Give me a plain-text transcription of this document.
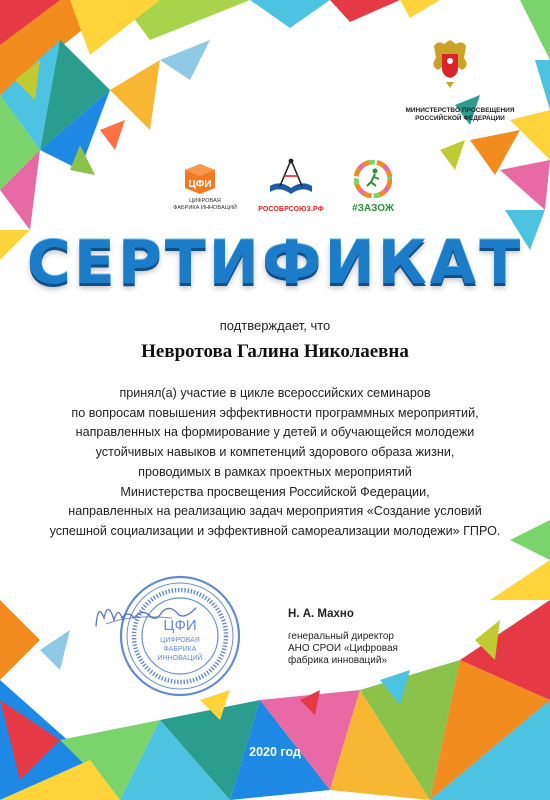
МИНИСТЕРСТВО ПРОСВЕЩЕНИЯ
РОССИЙСКОЙ ФЕДЕРАЦИИ
ЦФИ
ЦИФРОВАЯ
ФАБРИКА ИННОВАЦИЙ	РОСОБРСОЮЗ.РФ	#ЗАЗОЖ
СЕРТИФИКАТ
подтверждает, что
Невротова Галина Николаевна
принял(а) участие в цикле всероссийских семинаров
по вопросам повышения эффективности программных мероприятий,
направленных на формирование у детей и обучающейся молодежи
устойчивых навыков и компетенций здорового образа жизни,
проводимых в рамках проектных мероприятий
Министерства просвещения Российской Федерации,
направленных на реализацию задач мероприятия «Создание условий
успешной социализации и эффективной самореализации молодежи» ГПРО.
ЦФИ
ЦИФРОВАЯ
ФАБРИКА
ИННОВАЦИЙ
Н. А. Махно
генеральный директор
АНО СРОИ «Цифровая
фабрика инноваций»
2020 год
